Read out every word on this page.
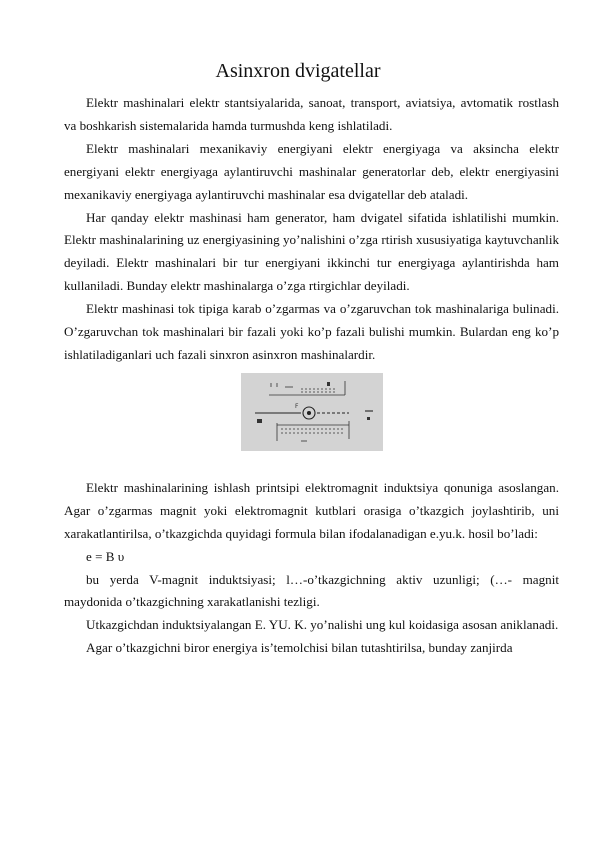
Asinxron dvigatellar

Elektr mashinalari elektr stantsiyalarida, sanoat, transport, aviatsiya, avtomatik rostlash va boshkarish sistemalarida hamda turmushda keng ishlatiladi.

Elektr mashinalari mexanikaviy energiyani elektr energiyaga va aksincha elektr energiyani elektr energiyaga aylantiruvchi mashinalar generatorlar deb, elektr energiyasini mexanikaviy energiyaga aylantiruvchi mashinalar esa dvigatellar deb ataladi.

Har qanday elektr mashinasi ham generator, ham dvigatel sifatida ishlatilishi mumkin. Elektr mashinalarining uz energiyasining yo’nalishini o’zga rtirish xususiyatiga kaytuvchanlik deyiladi. Elektr mashinalari bir tur energiyani ikkinchi tur energiyaga aylantirishda ham kullaniladi. Bunday elektr mashinalarga o’zga rtirgichlar deyiladi.

Elektr mashinasi tok tipiga karab o’zgarmas va o’zgaruvchan tok mashinalariga bulinadi. O’zgaruvchan tok mashinalari bir fazali yoki ko’p fazali bulishi mumkin. Bulardan eng ko’p ishlatiladiganlari uch fazali sinxron asinxron mashinalardir.

F

Elektr mashinalarining ishlash printsipi elektromagnit induktsiya qonuniga asoslangan. Agar o’zgarmas magnit yoki elektromagnit kutblari orasiga o’tkazgich joylashtirib, uni xarakatlantirilsa, o’tkazgichda quyidagi formula bilan ifodalanadigan e.yu.k. hosil bo’ladi:

e = B υ

bu yerda V-magnit induktsiyasi; l…-o’tkazgichning aktiv uzunligi; (…- magnit maydonida o’tkazgichning xarakatlanishi tezligi.

Utkazgichdan induktsiyalangan E. YU. K. yo’nalishi ung kul koidasiga asosan aniklanadi.

Agar o’tkazgichni biror energiya is’temolchisi bilan tutashtirilsa, bunday zanjirda
